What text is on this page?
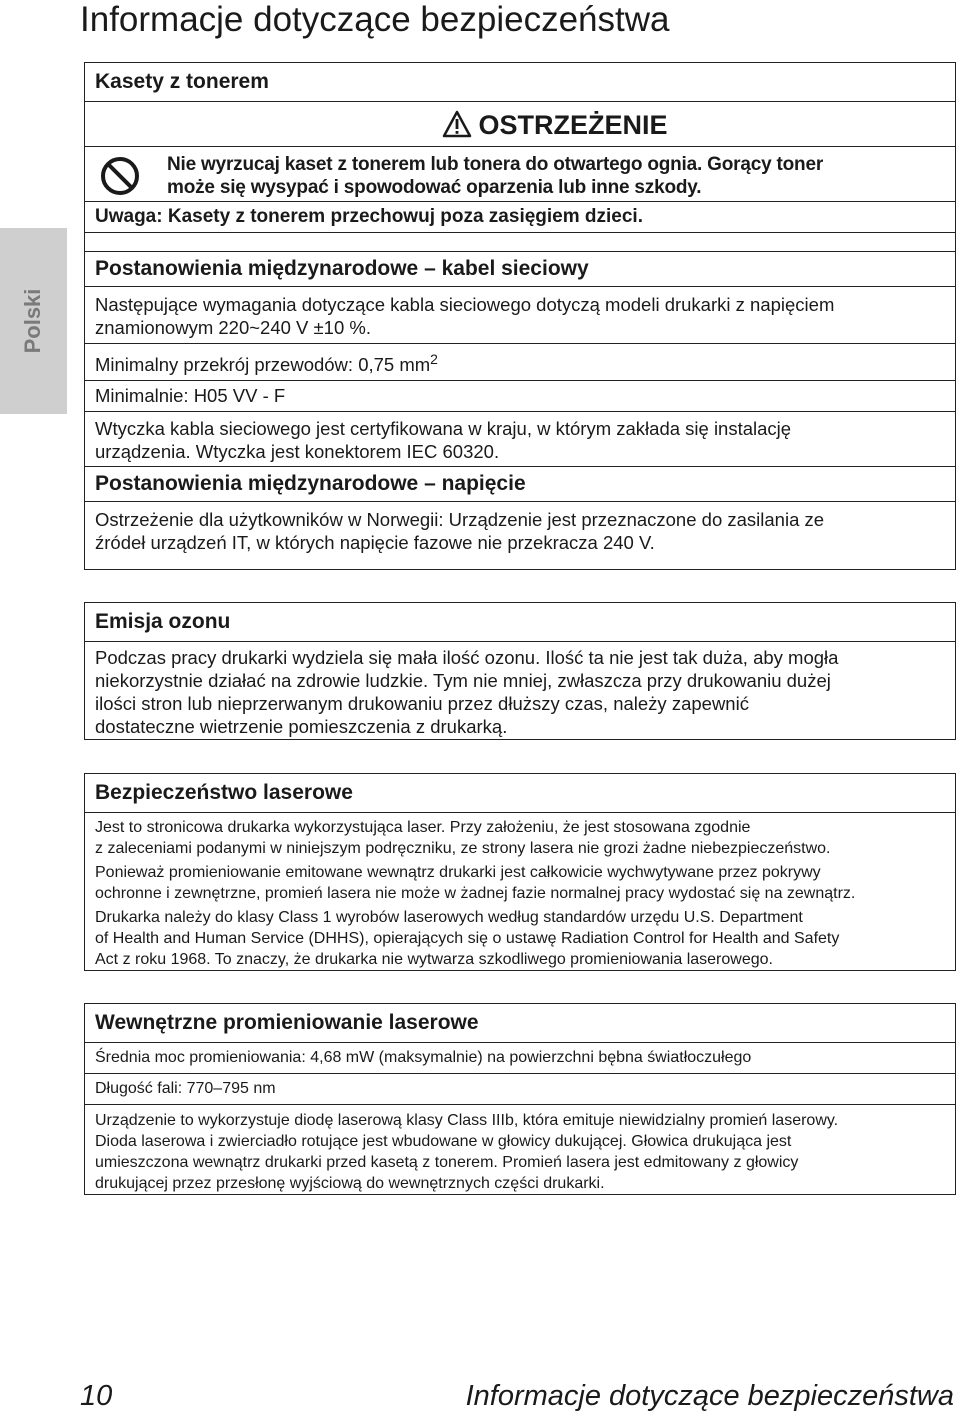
Informacje dotyczące bezpieczeństwa
Polski
Kasety z tonerem
OSTRZEŻENIE
Nie wyrzucaj kaset z tonerem lub tonera do otwartego ognia. Gorący toner
może się wysypać i spowodować oparzenia lub inne szkody.
Uwaga: Kasety z tonerem przechowuj poza zasięgiem dzieci.
Postanowienia międzynarodowe – kabel sieciowy
Następujące wymagania dotyczące kabla sieciowego dotyczą modeli drukarki z napięciem
znamionowym 220~240 V ±10 %.
Minimalny przekrój przewodów: 0,75 $mm^2$
Minimalnie: H05 VV - F
Wtyczka kabla sieciowego jest certyfikowana w kraju, w którym zakłada się instalację
urządzenia. Wtyczka jest konektorem IEC 60320.
Postanowienia międzynarodowe – napięcie
Ostrzeżenie dla użytkowników w Norwegii: Urządzenie jest przeznaczone do zasilania ze
źródeł urządzeń IT, w których napięcie fazowe nie przekracza 240 V.
Emisja ozonu
Podczas pracy drukarki wydziela się mała ilość ozonu. Ilość ta nie jest tak duża, aby mogła
niekorzystnie działać na zdrowie ludzkie. Tym nie mniej, zwłaszcza przy drukowaniu dużej
ilości stron lub nieprzerwanym drukowaniu przez dłuższy czas, należy zapewnić
dostateczne wietrzenie pomieszczenia z drukarką.
Bezpieczeństwo laserowe
Jest to stronicowa drukarka wykorzystująca laser. Przy założeniu, że jest stosowana zgodnie
z zaleceniami podanymi w niniejszym podręczniku, ze strony lasera nie grozi żadne niebezpieczeństwo.
Ponieważ promieniowanie emitowane wewnątrz drukarki jest całkowicie wychwytywane przez pokrywy
ochronne i zewnętrzne, promień lasera nie może w żadnej fazie normalnej pracy wydostać się na zewnątrz.
Drukarka należy do klasy Class 1 wyrobów laserowych według standardów urzędu U.S. Department
of Health and Human Service (DHHS), opierających się o ustawę Radiation Control for Health and Safety
Act z roku 1968. To znaczy, że drukarka nie wytwarza szkodliwego promieniowania laserowego.
Wewnętrzne promieniowanie laserowe
Średnia moc promieniowania: 4,68 mW (maksymalnie) na powierzchni bębna światłoczułego
Długość fali: 770–795 nm
Urządzenie to wykorzystuje diodę laserową klasy Class IIIb, która emituje niewidzialny promień laserowy.
Dioda laserowa i zwierciadło rotujące jest wbudowane w głowicy dukującej. Głowica drukująca jest
umieszczona wewnątrz drukarki przed kasetą z tonerem. Promień lasera jest edmitowany z głowicy
drukującej przez przesłonę wyjściową do wewnętrznych części drukarki.
10	Informacje dotyczące bezpieczeństwa
